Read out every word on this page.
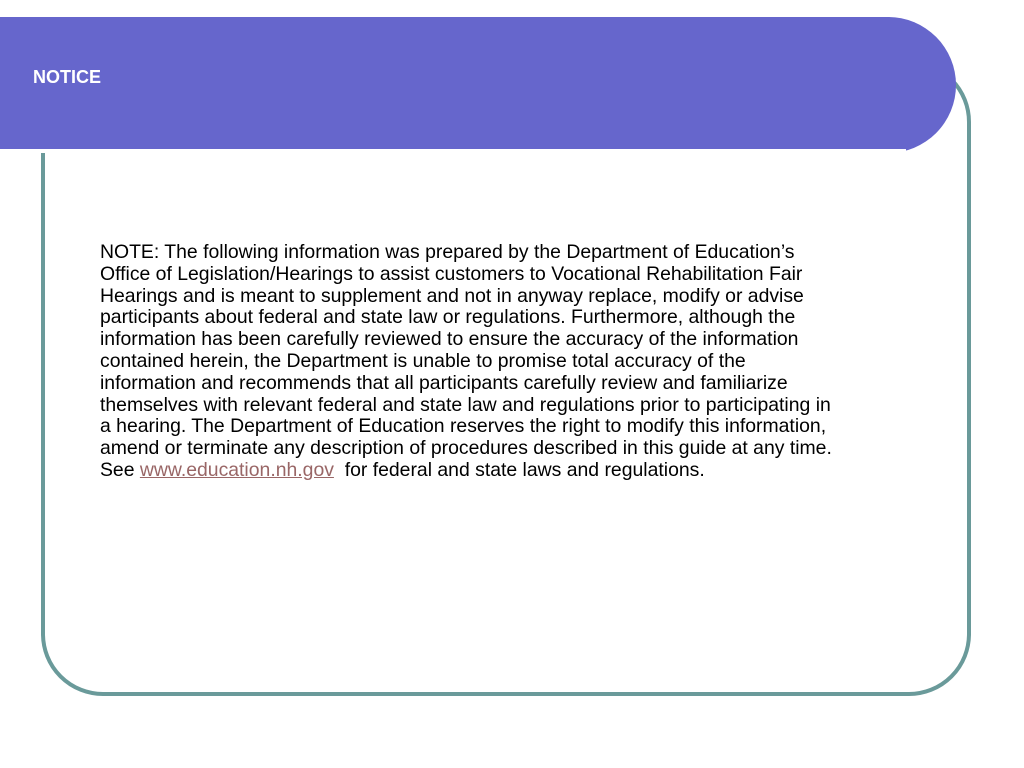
NOTICE
NOTE: The following information was prepared by the Department of Education’s
Office of Legislation/Hearings to assist customers to Vocational Rehabilitation Fair
Hearings and is meant to supplement and not in anyway replace, modify or advise
participants about federal and state law or regulations. Furthermore, although the
information has been carefully reviewed to ensure the accuracy of the information
contained herein, the Department is unable to promise total accuracy of the
information and recommends that all participants carefully review and familiarize
themselves with relevant federal and state law and regulations prior to participating in
a hearing. The Department of Education reserves the right to modify this information,
amend or terminate any description of procedures described in this guide at any time.
See www.education.nh.gov  for federal and state laws and regulations.
